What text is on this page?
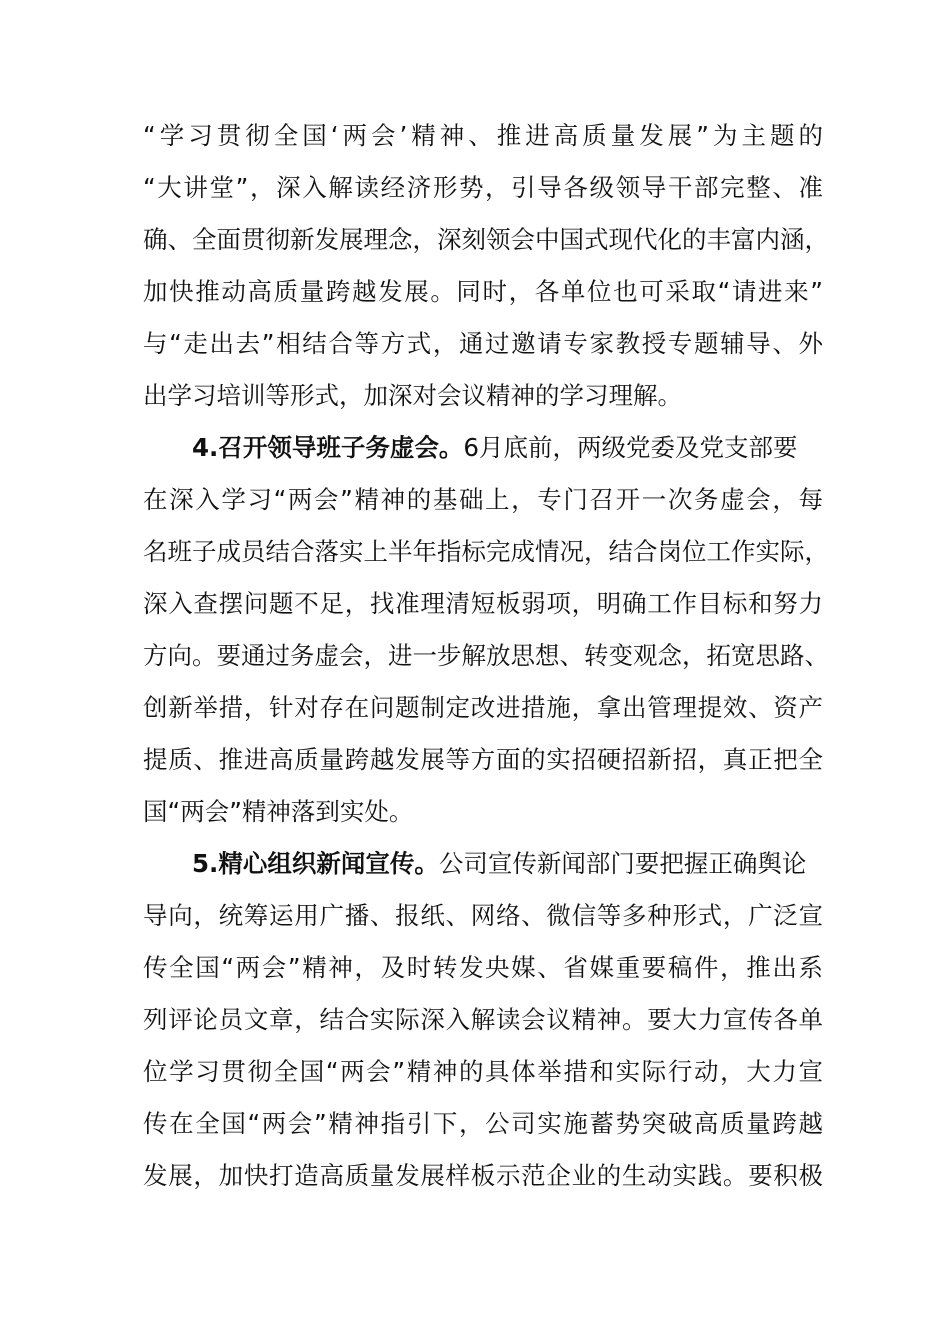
“学习贯彻全国‘两会’精神、推进高质量发展”为主题的
“大讲堂”，深入解读经济形势，引导各级领导干部完整、准
确、全面贯彻新发展理念，深刻领会中国式现代化的丰富内涵，
加快推动高质量跨越发展。同时，各单位也可采取“请进来”
与“走出去”相结合等方式，通过邀请专家教授专题辅导、外
出学习培训等形式，加深对会议精神的学习理解。
4.召开领导班子务虚会。6月底前，两级党委及党支部要
在深入学习“两会”精神的基础上，专门召开一次务虚会，每
名班子成员结合落实上半年指标完成情况，结合岗位工作实际，
深入查摆问题不足，找准理清短板弱项，明确工作目标和努力
方向。要通过务虚会，进一步解放思想、转变观念，拓宽思路、
创新举措，针对存在问题制定改进措施，拿出管理提效、资产
提质、推进高质量跨越发展等方面的实招硬招新招，真正把全
国“两会”精神落到实处。
5.精心组织新闻宣传。公司宣传新闻部门要把握正确舆论
导向，统筹运用广播、报纸、网络、微信等多种形式，广泛宣
传全国“两会”精神，及时转发央媒、省媒重要稿件，推出系
列评论员文章，结合实际深入解读会议精神。要大力宣传各单
位学习贯彻全国“两会”精神的具体举措和实际行动，大力宣
传在全国“两会”精神指引下，公司实施蓄势突破高质量跨越
发展，加快打造高质量发展样板示范企业的生动实践。要积极
